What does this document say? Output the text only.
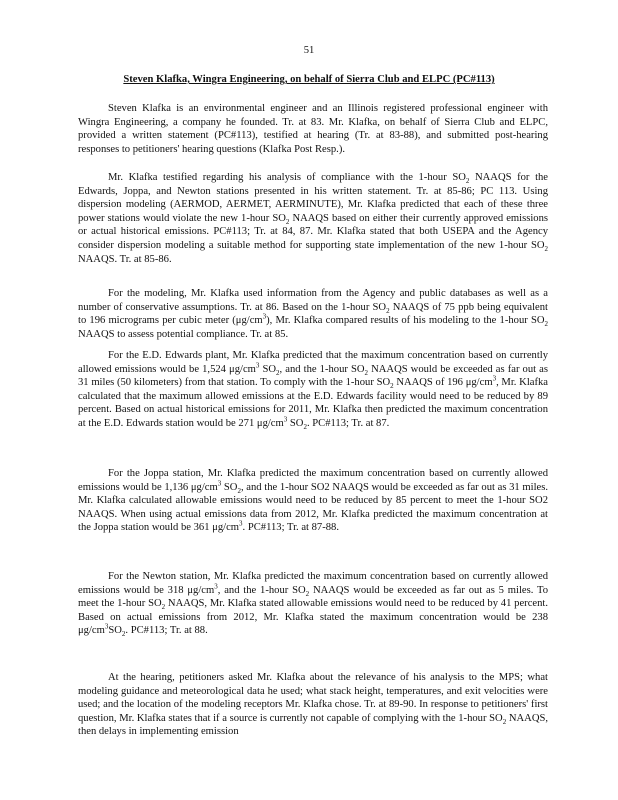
51
Steven Klafka, Wingra Engineering, on behalf of Sierra Club and ELPC (PC#113)

Steven Klafka is an environmental engineer and an Illinois registered professional engineer with Wingra Engineering, a company he founded. Tr. at 83. Mr. Klafka, on behalf of Sierra Club and ELPC, provided a written statement (PC#113), testified at hearing (Tr. at 83-88), and submitted post-hearing responses to petitioners' hearing questions (Klafka Post Resp.).

Mr. Klafka testified regarding his analysis of compliance with the 1-hour $SO_2$ NAAQS for the Edwards, Joppa, and Newton stations presented in his written statement. Tr. at 85-86; PC 113. Using dispersion modeling (AERMOD, AERMET, AERMINUTE), Mr. Klafka predicted that each of these three power stations would violate the new 1-hour $SO_2$ NAAQS based on either their currently approved emissions or actual historical emissions. PC#113; Tr. at 84, 87. Mr. Klafka stated that both USEPA and the Agency consider dispersion modeling a suitable method for supporting state implementation of the new 1-hour $SO_2$ NAAQS. Tr. at 85-86.

For the modeling, Mr. Klafka used information from the Agency and public databases as well as a number of conservative assumptions. Tr. at 86. Based on the 1-hour $SO_2$ NAAQS of 75 ppb being equivalent to 196 micrograms per cubic meter $(\mu g/cm^3)$, Mr. Klafka compared results of his modeling to the 1-hour $SO_2$ NAAQS to assess potential compliance. Tr. at 85.

For the E.D. Edwards plant, Mr. Klafka predicted that the maximum concentration based on currently allowed emissions would be 1,524 $\mu g/cm^3$ $SO_2$, and the 1-hour $SO_2$ NAAQS would be exceeded as far out as 31 miles (50 kilometers) from that station. To comply with the 1-hour $SO_2$ NAAQS of 196 $\mu g/cm^3$, Mr. Klafka calculated that the maximum allowed emissions at the E.D. Edwards facility would need to be reduced by 89 percent. Based on actual historical emissions for 2011, Mr. Klafka then predicted the maximum concentration at the E.D. Edwards station would be 271 $\mu g/cm^3$ $SO_2$. PC#113; Tr. at 87.

For the Joppa station, Mr. Klafka predicted the maximum concentration based on currently allowed emissions would be 1,136 $\mu g/cm^3$ $SO_2$, and the 1-hour SO2 NAAQS would be exceeded as far out as 31 miles. Mr. Klafka calculated allowable emissions would need to be reduced by 85 percent to meet the 1-hour SO2 NAAQS. When using actual emissions data from 2012, Mr. Klafka predicted the maximum concentration at the Joppa station would be 361 $\mu g/cm^3$. PC#113; Tr. at 87-88.

For the Newton station, Mr. Klafka predicted the maximum concentration based on currently allowed emissions would be 318 $\mu g/cm^3$, and the 1-hour $SO_2$ NAAQS would be exceeded as far out as 5 miles. To meet the 1-hour $SO_2$ NAAQS, Mr. Klafka stated allowable emissions would need to be reduced by 41 percent. Based on actual emissions from 2012, Mr. Klafka stated the maximum concentration would be 238 $\mu g/cm^3SO_2$. PC#113; Tr. at 88.

At the hearing, petitioners asked Mr. Klafka about the relevance of his analysis to the MPS; what modeling guidance and meteorological data he used; what stack height, temperatures, and exit velocities were used; and the location of the modeling receptors Mr. Klafka chose. Tr. at 89-90. In response to petitioners' first question, Mr. Klafka states that if a source is currently not capable of complying with the 1-hour $SO_2$ NAAQS, then delays in implementing emission
